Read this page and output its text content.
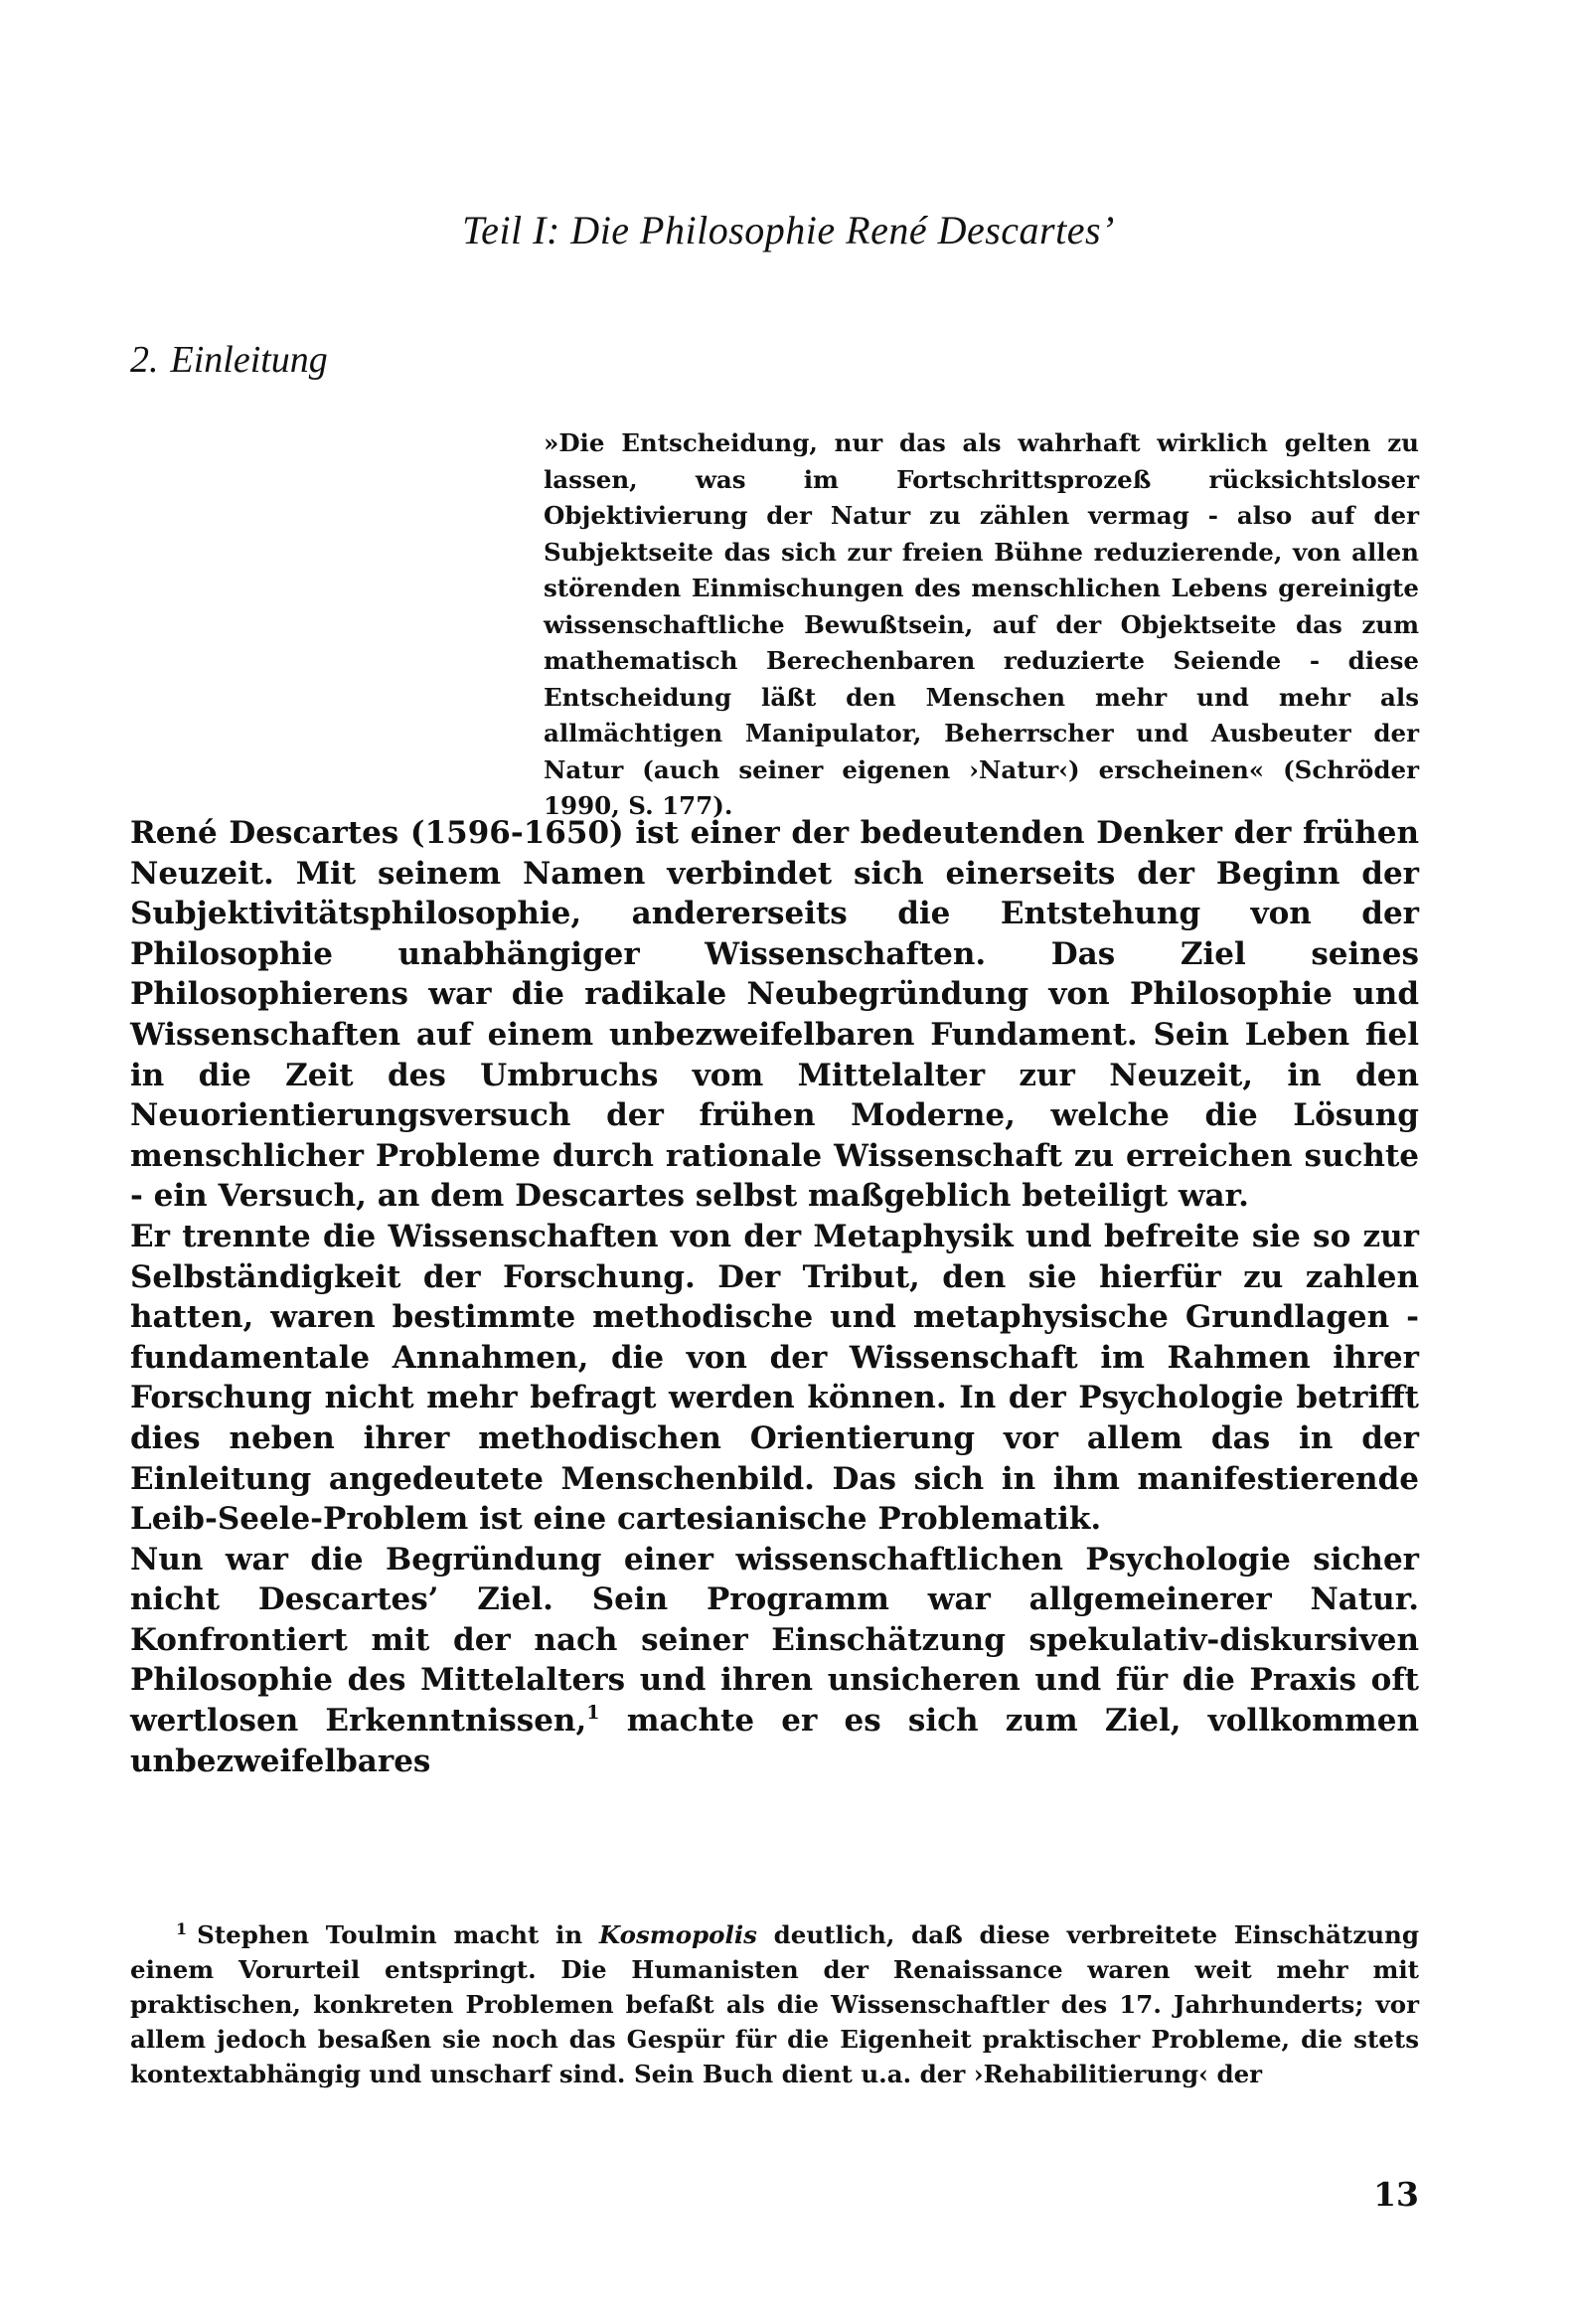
Teil I: Die Philosophie René Descartes’
2. Einleitung
»Die Entscheidung, nur das als wahrhaft wirklich gelten zu lassen, was im Fortschrittsprozeß rücksichtsloser Objektivierung der Natur zu zählen vermag - also auf der Subjektseite das sich zur freien Bühne reduzierende, von allen störenden Einmischungen des menschlichen Lebens gereinigte wissenschaftliche Bewußtsein, auf der Objektseite das zum mathematisch Berechenbaren reduzierte Seiende - diese Entscheidung läßt den Menschen mehr und mehr als allmächtigen Manipulator, Beherrscher und Ausbeuter der Natur (auch seiner eigenen ›Natur‹) erscheinen« (Schröder 1990, S. 177).

René Descartes (1596-1650) ist einer der bedeutenden Denker der frühen Neuzeit. Mit seinem Namen verbindet sich einerseits der Beginn der Subjektivitätsphilosophie, andererseits die Entstehung von der Philosophie unabhängiger Wissenschaften. Das Ziel seines Philosophierens war die radikale Neubegründung von Philosophie und Wissenschaften auf einem unbezweifelbaren Fundament. Sein Leben fiel in die Zeit des Umbruchs vom Mittelalter zur Neuzeit, in den Neuorientierungsversuch der frühen Moderne, welche die Lösung menschlicher Probleme durch rationale Wissenschaft zu erreichen suchte - ein Versuch, an dem Descartes selbst maßgeblich beteiligt war.

Er trennte die Wissenschaften von der Metaphysik und befreite sie so zur Selbständigkeit der Forschung. Der Tribut, den sie hierfür zu zahlen hatten, waren bestimmte methodische und metaphysische Grundlagen - fundamentale Annahmen, die von der Wissenschaft im Rahmen ihrer Forschung nicht mehr befragt werden können. In der Psychologie betrifft dies neben ihrer methodischen Orientierung vor allem das in der Einleitung angedeutete Menschenbild. Das sich in ihm manifestierende Leib-Seele-Problem ist eine cartesianische Problematik.

Nun war die Begründung einer wissenschaftlichen Psychologie sicher nicht Descartes’ Ziel. Sein Programm war allgemeinerer Natur. Konfrontiert mit der nach seiner Einschätzung spekulativ-diskursiven Philosophie des Mittelalters und ihren unsicheren und für die Praxis oft wertlosen Erkenntnissen,$^1$ machte er es sich zum Ziel, vollkommen unbezweifelbares

$^1$ Stephen Toulmin macht in Kosmopolis deutlich, daß diese verbreitete Einschätzung einem Vorurteil entspringt. Die Humanisten der Renaissance waren weit mehr mit praktischen, konkreten Problemen befaßt als die Wissenschaftler des 17. Jahrhunderts; vor allem jedoch besaßen sie noch das Gespür für die Eigenheit praktischer Probleme, die stets kontextabhängig und unscharf sind. Sein Buch dient u.a. der ›Rehabilitierung‹ der
13
